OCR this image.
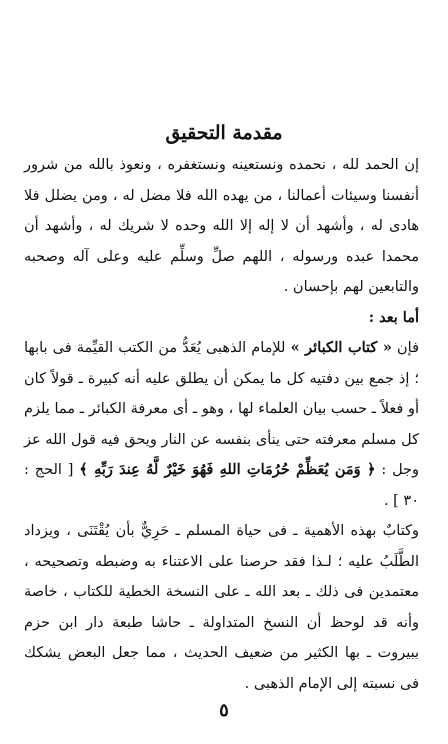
مقدمة التحقيق

إن الحمد لله ، نحمده ونستعينه ونستغفره ، ونعوذ بالله من شرور أنفسنا وسيئات أعمالنا ، من يهده الله فلا مضل له ، ومن يضلل فلا هادى له ، وأشهد أن لا إله إلا الله وحده لا شريك له ، وأشهد أن محمدا عبده ورسوله ، اللهم صلِّ وسلِّم عليه وعلى آله وصحبه والتابعين لهم بإحسان .

أما بعد :

فإن « كتاب الكبائر » للإمام الذهبى يُعَدُّ من الكتب القيِّمة فى بابها ؛ إذ جمع بين دفتيه كل ما يمكن أن يطلق عليه أنه كبيرة ـ قولاً كان أو فعلاً ـ حسب بيان العلماء لها ، وهو ـ أى معرفة الكبائر ـ مما يلزم كل مسلم معرفته حتى ينأى بنفسه عن النار ويحق فيه قول الله عز وجل : ﴿ وَمَن يُعَظِّمْ حُرُمَاتِ اللهِ فَهُوَ خَيْرٌ لَّهُ عِندَ رَبِّهِ ﴾ [ الحج : ٣٠ ] .

وكتابٌ بهذه الأهمية ـ فى حياة المسلم ـ حَرِيٌّ بأن يُقْتَنَى ، ويزداد الطَّلَبُ عليه ؛ لـذا فقد حرصنا على الاعتناء به وضبطه وتصحيحه ، معتمدين فى ذلك ـ بعد الله ـ على النسخة الخطية للكتاب ، خاصة وأنه قد لوحظ أن النسخ المتداولة ـ حاشا طبعة دار ابن حزم ببيروت ـ بها الكثير من ضعيف الحديث ، مما جعل البعض يشكك فى نسبته إلى الإمام الذهبى .

٥
